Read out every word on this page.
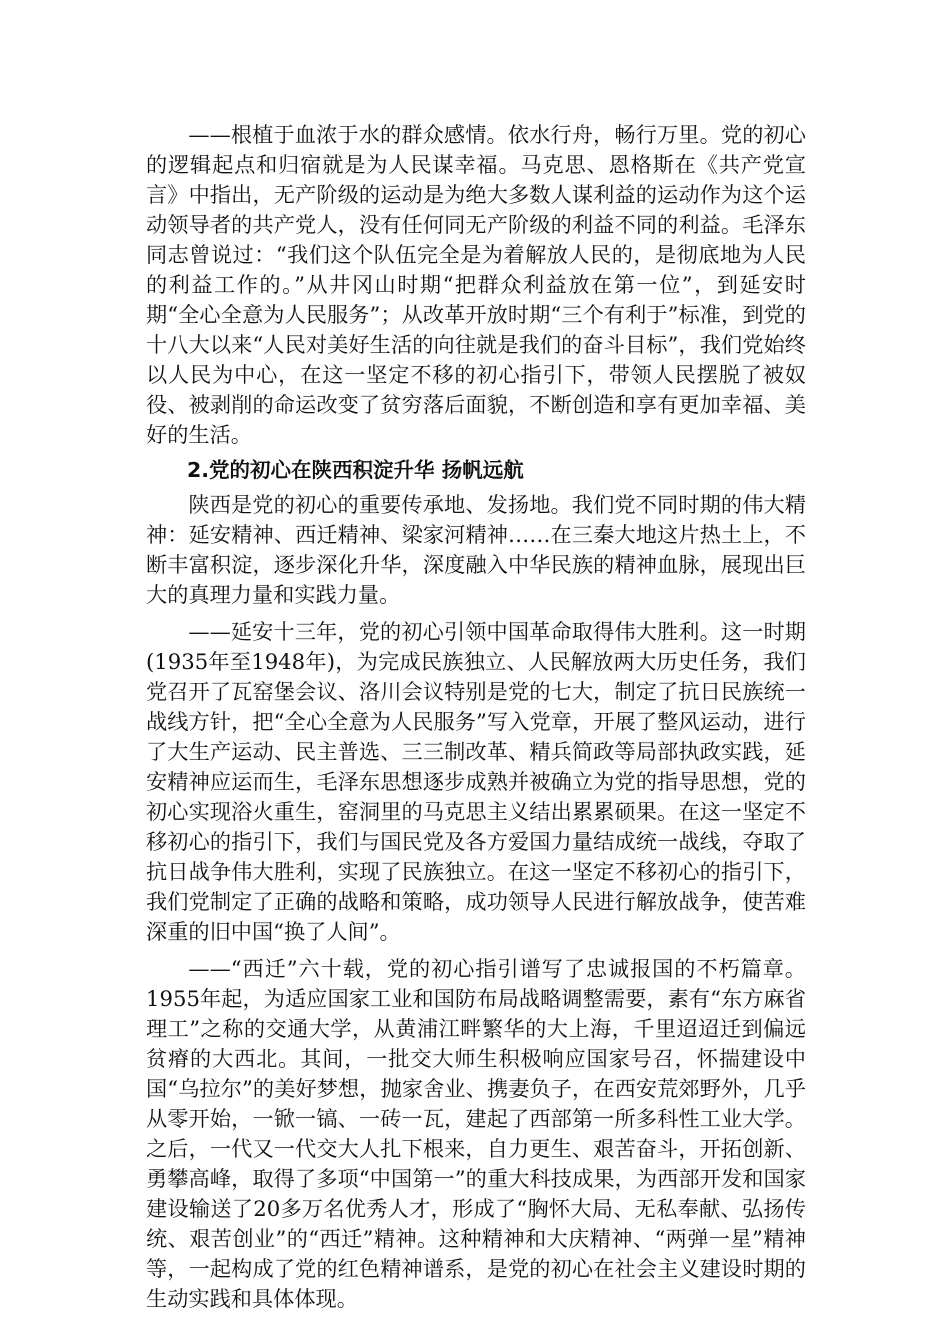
——根植于血浓于水的群众感情。依水行舟，畅行万里。党的初心的逻辑起点和归宿就是为人民谋幸福。马克思、恩格斯在《共产党宣言》中指出，无产阶级的运动是为绝大多数人谋利益的运动作为这个运动领导者的共产党人，没有任何同无产阶级的利益不同的利益。毛泽东同志曾说过：“我们这个队伍完全是为着解放人民的，是彻底地为人民的利益工作的。”从井冈山时期“把群众利益放在第一位”，到延安时期“全心全意为人民服务”；从改革开放时期“三个有利于”标准，到党的十八大以来“人民对美好生活的向往就是我们的奋斗目标”，我们党始终以人民为中心，在这一坚定不移的初心指引下，带领人民摆脱了被奴役、被剥削的命运改变了贫穷落后面貌，不断创造和享有更加幸福、美好的生活。

2.党的初心在陕西积淀升华 扬帆远航

陕西是党的初心的重要传承地、发扬地。我们党不同时期的伟大精神：延安精神、西迁精神、梁家河精神……在三秦大地这片热土上，不断丰富积淀，逐步深化升华，深度融入中华民族的精神血脉，展现出巨大的真理力量和实践力量。

——延安十三年，党的初心引领中国革命取得伟大胜利。这一时期(1935年至1948年)，为完成民族独立、人民解放两大历史任务，我们党召开了瓦窑堡会议、洛川会议特别是党的七大，制定了抗日民族统一战线方针，把“全心全意为人民服务”写入党章，开展了整风运动，进行了大生产运动、民主普选、三三制改革、精兵简政等局部执政实践，延安精神应运而生，毛泽东思想逐步成熟并被确立为党的指导思想，党的初心实现浴火重生，窑洞里的马克思主义结出累累硕果。在这一坚定不移初心的指引下，我们与国民党及各方爱国力量结成统一战线，夺取了抗日战争伟大胜利，实现了民族独立。在这一坚定不移初心的指引下，我们党制定了正确的战略和策略，成功领导人民进行解放战争，使苦难深重的旧中国“换了人间”。

——“西迁”六十载，党的初心指引谱写了忠诚报国的不朽篇章。1955年起，为适应国家工业和国防布局战略调整需要，素有“东方麻省理工”之称的交通大学，从黄浦江畔繁华的大上海，千里迢迢迁到偏远贫瘠的大西北。其间，一批交大师生积极响应国家号召，怀揣建设中国“乌拉尔”的美好梦想，抛家舍业、携妻负子，在西安荒郊野外，几乎从零开始，一锨一镐、一砖一瓦，建起了西部第一所多科性工业大学。之后，一代又一代交大人扎下根来，自力更生、艰苦奋斗，开拓创新、勇攀高峰，取得了多项“中国第一”的重大科技成果，为西部开发和国家建设输送了20多万名优秀人才，形成了“胸怀大局、无私奉献、弘扬传统、艰苦创业”的“西迁”精神。这种精神和大庆精神、“两弹一星”精神等，一起构成了党的红色精神谱系，是党的初心在社会主义建设时期的生动实践和具体体现。
